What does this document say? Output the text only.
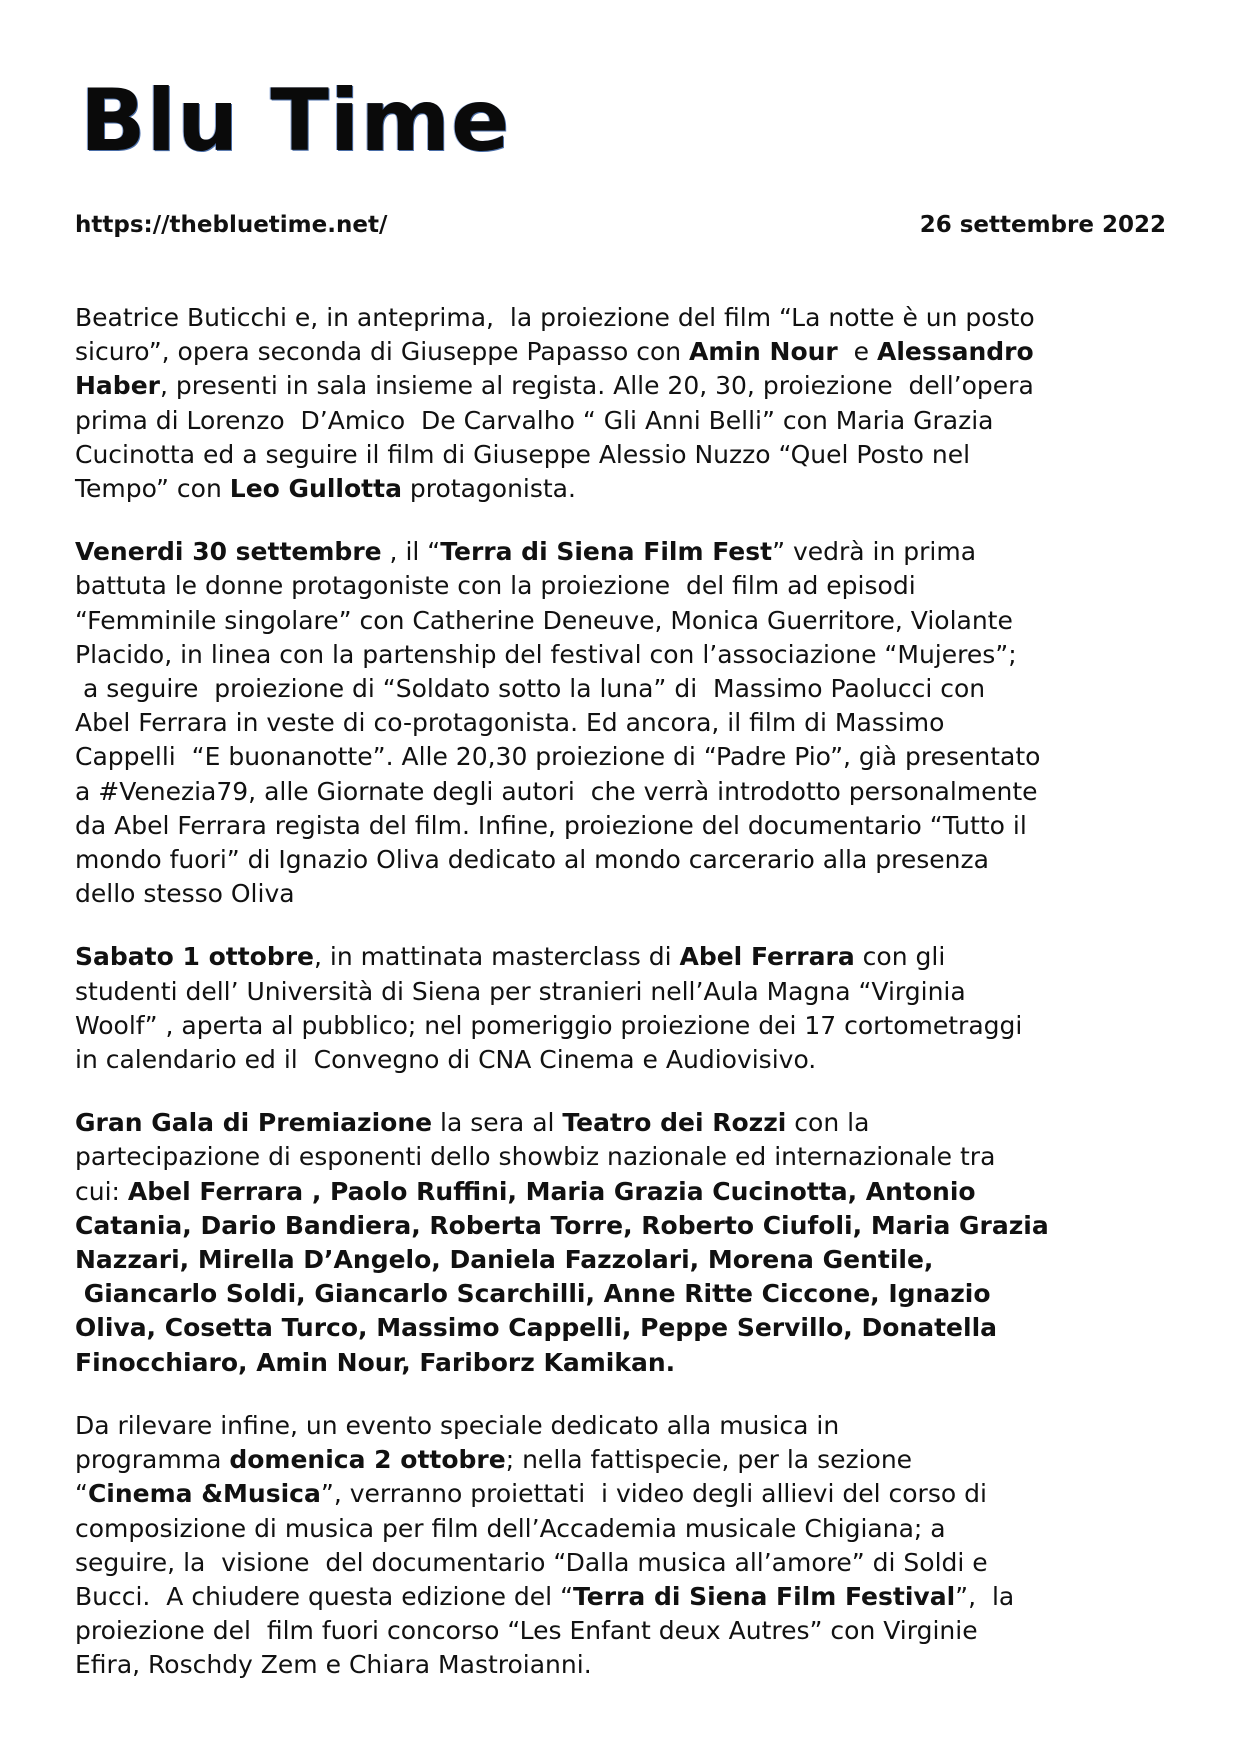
Blu Time
https://thebluetime.net/	26 settembre 2022

Beatrice Buticchi e, in anteprima,  la proiezione del film “La notte è un posto
sicuro”, opera seconda di Giuseppe Papasso con Amin Nour  e Alessandro
Haber, presenti in sala insieme al regista. Alle 20, 30, proiezione  dell’opera
prima di Lorenzo  D’Amico  De Carvalho “ Gli Anni Belli” con Maria Grazia
Cucinotta ed a seguire il film di Giuseppe Alessio Nuzzo “Quel Posto nel
Tempo” con Leo Gullotta protagonista.

Venerdi 30 settembre , il “Terra di Siena Film Fest” vedrà in prima
battuta le donne protagoniste con la proiezione  del film ad episodi
“Femminile singolare” con Catherine Deneuve, Monica Guerritore, Violante
Placido, in linea con la partenship del festival con l’associazione “Mujeres”;
a seguire  proiezione di “Soldato sotto la luna” di  Massimo Paolucci con
Abel Ferrara in veste di co-protagonista. Ed ancora, il film di Massimo
Cappelli  “E buonanotte”. Alle 20,30 proiezione di “Padre Pio”, già presentato
a #Venezia79, alle Giornate degli autori  che verrà introdotto personalmente
da Abel Ferrara regista del film. Infine, proiezione del documentario “Tutto il
mondo fuori” di Ignazio Oliva dedicato al mondo carcerario alla presenza
dello stesso Oliva

Sabato 1 ottobre, in mattinata masterclass di Abel Ferrara con gli
studenti dell’ Università di Siena per stranieri nell’Aula Magna “Virginia
Woolf” , aperta al pubblico; nel pomeriggio proiezione dei 17 cortometraggi
in calendario ed il  Convegno di CNA Cinema e Audiovisivo.

Gran Gala di Premiazione la sera al Teatro dei Rozzi con la
partecipazione di esponenti dello showbiz nazionale ed internazionale tra
cui: Abel Ferrara , Paolo Ruffini, Maria Grazia Cucinotta, Antonio
Catania, Dario Bandiera, Roberta Torre, Roberto Ciufoli, Maria Grazia
Nazzari, Mirella D’Angelo, Daniela Fazzolari, Morena Gentile,
Giancarlo Soldi, Giancarlo Scarchilli, Anne Ritte Ciccone, Ignazio
Oliva, Cosetta Turco, Massimo Cappelli, Peppe Servillo, Donatella
Finocchiaro, Amin Nour, Fariborz Kamikan.

Da rilevare infine, un evento speciale dedicato alla musica in
programma domenica 2 ottobre; nella fattispecie, per la sezione
“Cinema &Musica”, verranno proiettati  i video degli allievi del corso di
composizione di musica per film dell’Accademia musicale Chigiana; a
seguire, la  visione  del documentario “Dalla musica all’amore” di Soldi e
Bucci.  A chiudere questa edizione del “Terra di Siena Film Festival”,  la
proiezione del  film fuori concorso “Les Enfant deux Autres” con Virginie
Efira, Roschdy Zem e Chiara Mastroianni.
